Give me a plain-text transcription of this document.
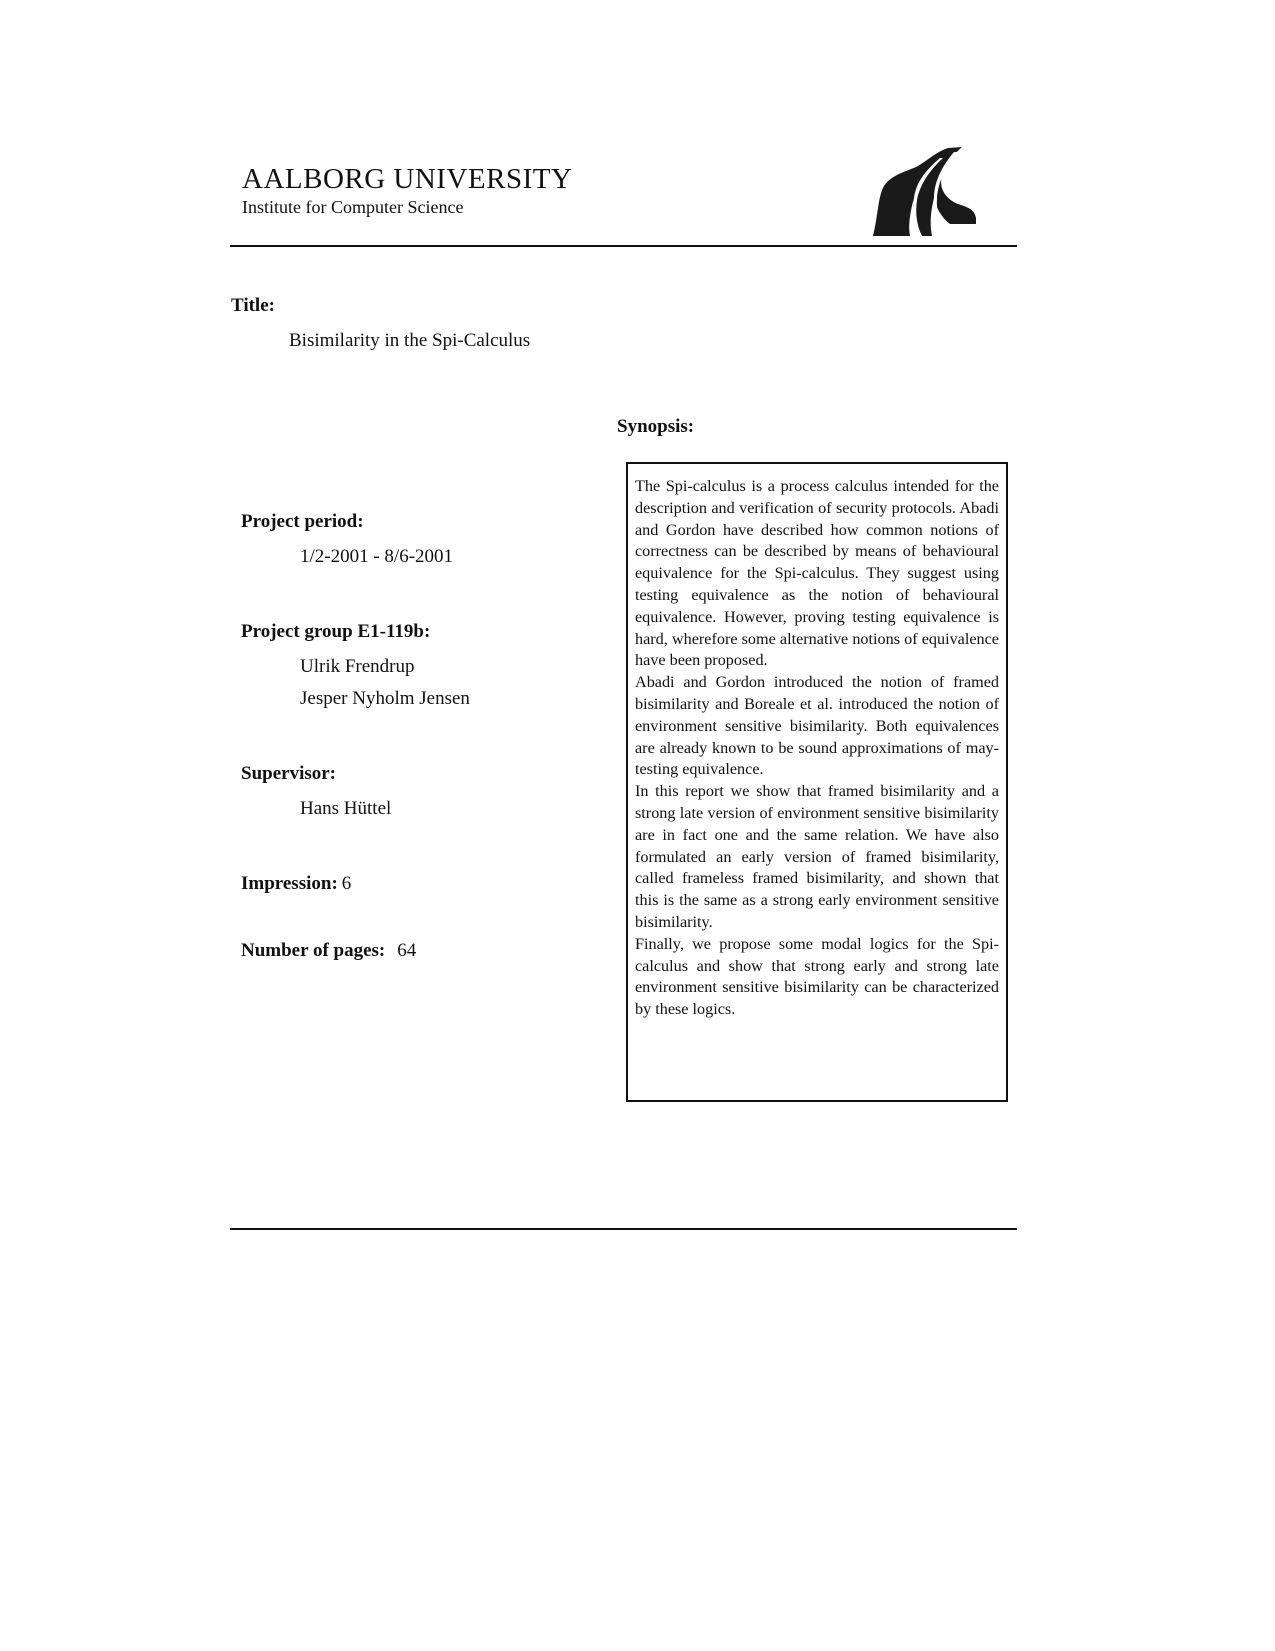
AALBORG UNIVERSITY
Institute for Computer Science
Title:
Bisimilarity in the Spi-Calculus
Synopsis:
Project period:
1/2-2001 - 8/6-2001
Project group E1-119b:
Ulrik Frendrup
Jesper Nyholm Jensen
Supervisor:
Hans Hüttel
Impression: 6
Number of pages: 64

The Spi-calculus is a process calculus intended for the description and verification of security protocols. Abadi and Gordon have described how common notions of correctness can be described by means of behavioural equivalence for the Spi-calculus. They suggest using testing equivalence as the notion of behavioural equivalence. However, proving testing equivalence is hard, wherefore some alternative notions of equivalence have been proposed.

Abadi and Gordon introduced the notion of framed bisimilarity and Boreale et al. introduced the notion of environment sensitive bisimilarity. Both equivalences are already known to be sound approximations of may-testing equivalence.

In this report we show that framed bisimilarity and a strong late version of environment sensitive bisimilarity are in fact one and the same relation. We have also formulated an early version of framed bisimilarity, called frameless framed bisimilarity, and shown that this is the same as a strong early environment sensitive bisimilarity.

Finally, we propose some modal logics for the Spi-calculus and show that strong early and strong late environment sensitive bisimilarity can be characterized by these logics.
